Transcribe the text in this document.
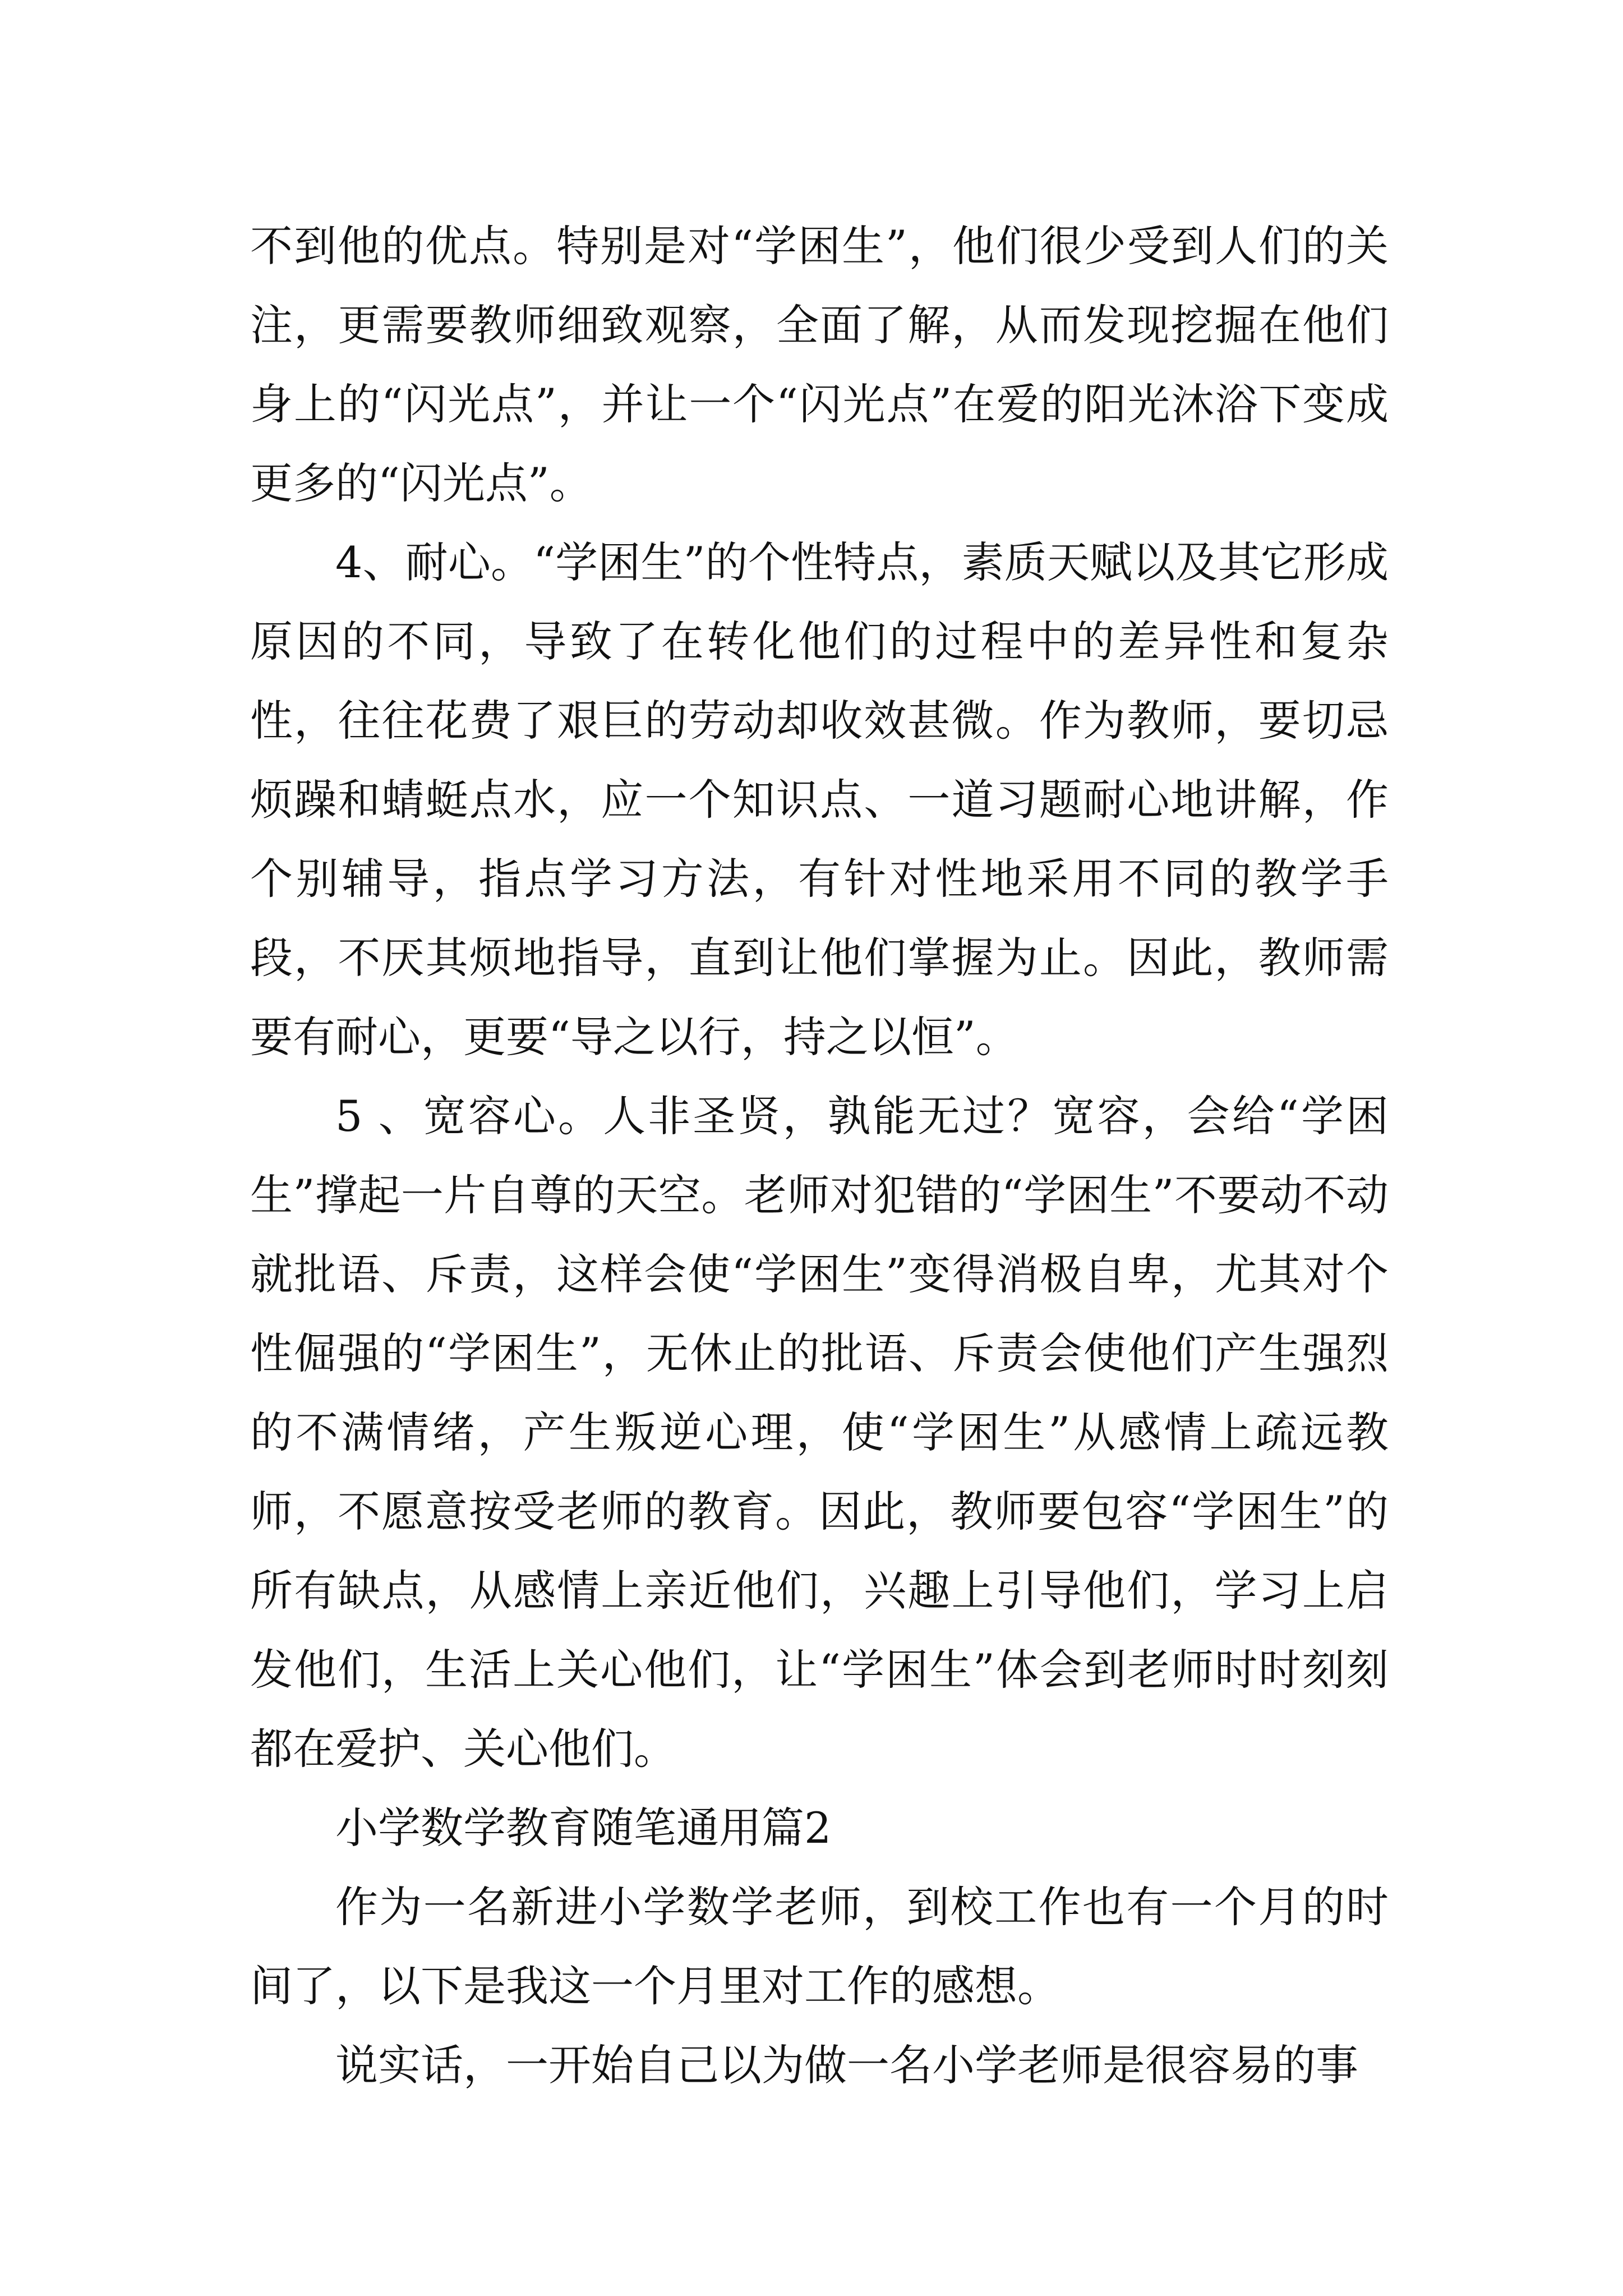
不到他的优点。特别是对“学困生”，他们很少受到人们的关注，更需要教师细致观察，全面了解，从而发现挖掘在他们身上的“闪光点”，并让一个“闪光点”在爱的阳光沐浴下变成更多的“闪光点”。

4、耐心。“学困生”的个性特点，素质天赋以及其它形成原因的不同，导致了在转化他们的过程中的差异性和复杂性，往往花费了艰巨的劳动却收效甚微。作为教师，要切忌烦躁和蜻蜓点水，应一个知识点、一道习题耐心地讲解，作个别辅导，指点学习方法，有针对性地采用不同的教学手段，不厌其烦地指导，直到让他们掌握为止。因此，教师需要有耐心，更要“导之以行，持之以恒”。

5 、宽容心。人非圣贤，孰能无过？宽容，会给“学困生”撑起一片自尊的天空。老师对犯错的“学困生”不要动不动就批语、斥责，这样会使“学困生”变得消极自卑，尤其对个性倔强的“学困生”，无休止的批语、斥责会使他们产生强烈的不满情绪，产生叛逆心理，使“学困生”从感情上疏远教师，不愿意按受老师的教育。因此，教师要包容“学困生”的所有缺点，从感情上亲近他们，兴趣上引导他们，学习上启发他们，生活上关心他们，让“学困生”体会到老师时时刻刻都在爱护、关心他们。

小学数学教育随笔通用篇2

作为一名新进小学数学老师，到校工作也有一个月的时间了，以下是我这一个月里对工作的感想。

说实话，一开始自己以为做一名小学老师是很容易的事
